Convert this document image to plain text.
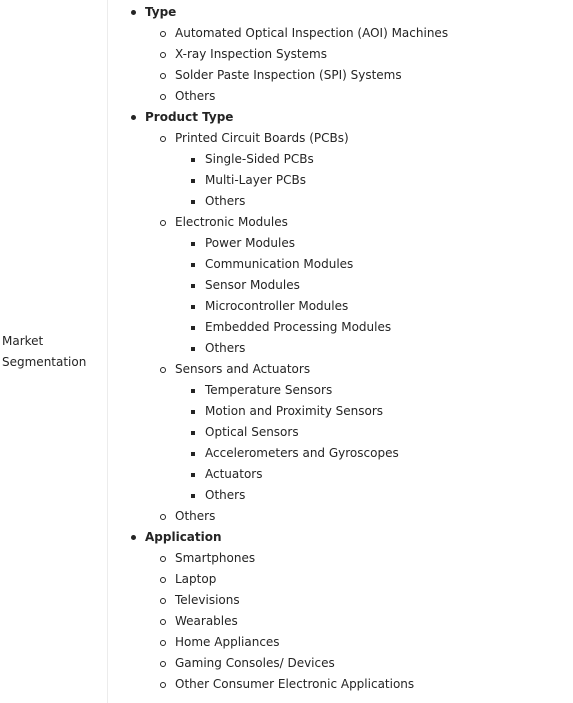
Market Segmentation
Type
Automated Optical Inspection (AOI) Machines
X-ray Inspection Systems
Solder Paste Inspection (SPI) Systems
Others
Product Type
Printed Circuit Boards (PCBs)
Single-Sided PCBs
Multi-Layer PCBs
Others
Electronic Modules
Power Modules
Communication Modules
Sensor Modules
Microcontroller Modules
Embedded Processing Modules
Others
Sensors and Actuators
Temperature Sensors
Motion and Proximity Sensors
Optical Sensors
Accelerometers and Gyroscopes
Actuators
Others
Others
Application
Smartphones
Laptop
Televisions
Wearables
Home Appliances
Gaming Consoles/ Devices
Other Consumer Electronic Applications
